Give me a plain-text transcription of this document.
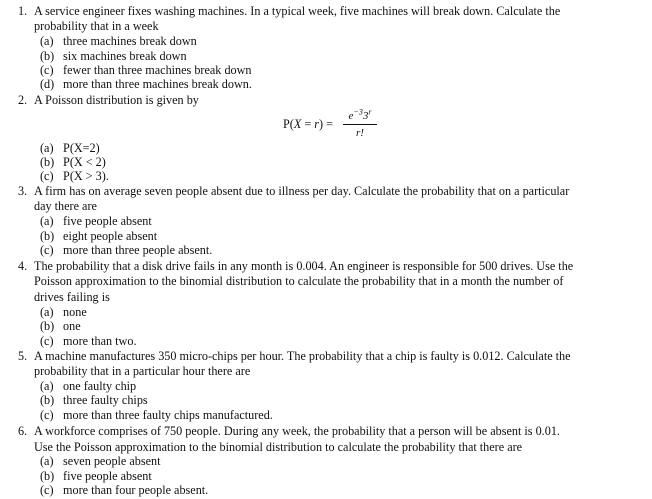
1. A service engineer fixes washing machines. In a typical week, five machines will break down. Calculate the
probability that in a week
(a) three machines break down
(b) six machines break down
(c) fewer than three machines break down
(d) more than three machines break down.
2. A Poisson distribution is given by
P(X = r) =
$e^{-3}3^r$
r!
(a) P(X=2)
(b) P(X < 2)
(c) P(X > 3).
3. A firm has on average seven people absent due to illness per day. Calculate the probability that on a particular
day there are
(a) five people absent
(b) eight people absent
(c) more than three people absent.
4. The probability that a disk drive fails in any month is 0.004. An engineer is responsible for 500 drives. Use the
Poisson approximation to the binomial distribution to calculate the probability that in a month the number of
drives failing is
(a) none
(b) one
(c) more than two.
5. A machine manufactures 350 micro-chips per hour. The probability that a chip is faulty is 0.012. Calculate the
probability that in a particular hour there are
(a) one faulty chip
(b) three faulty chips
(c) more than three faulty chips manufactured.
6. A workforce comprises of 750 people. During any week, the probability that a person will be absent is 0.01.
Use the Poisson approximation to the binomial distribution to calculate the probability that there are
(a) seven people absent
(b) five people absent
(c) more than four people absent.
